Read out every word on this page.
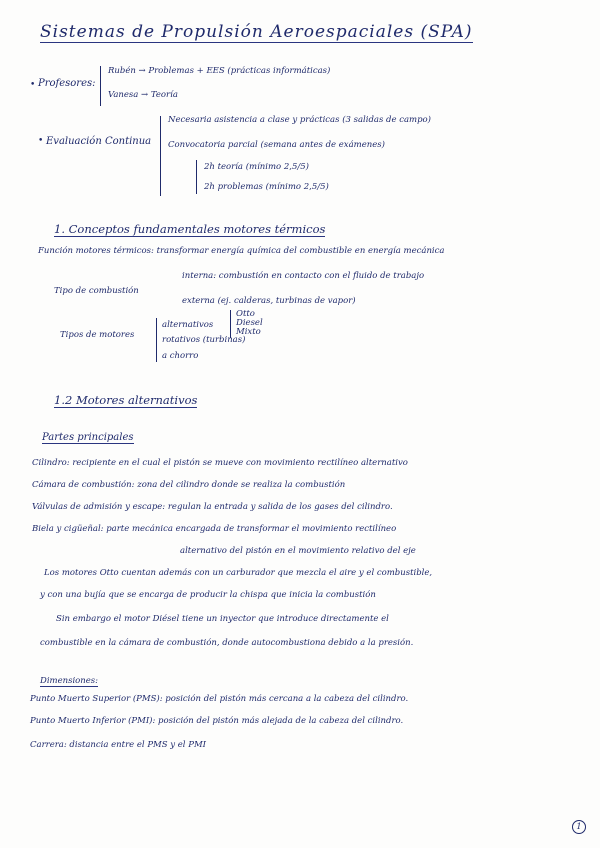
Sistemas de Propulsión Aeroespaciales (SPA)
• Profesores:
Rubén → Problemas + EES (prácticas informáticas)
Vanesa → Teoría
• Evaluación Continua
Necesaria asistencia a clase y prácticas (3 salidas de campo)
Convocatoria parcial (semana antes de exámenes)
2h teoría (mínimo 2,5/5)
2h problemas (mínimo 2,5/5)
1. Conceptos fundamentales motores térmicos
Función motores térmicos: transformar energía química del combustible en energía mecánica
Tipo de combustión
interna: combustión en contacto con el fluido de trabajo
externa (ej. calderas, turbinas de vapor)
Tipos de motores
alternativos
rotativos (turbinas)
a chorro
Otto
Diesel
Mixto
1.2 Motores alternativos
Partes principales
Cilindro: recipiente en el cual el pistón se mueve con movimiento rectilíneo alternativo
Cámara de combustión: zona del cilindro donde se realiza la combustión
Válvulas de admisión y escape: regulan la entrada y salida de los gases del cilindro.
Biela y cigüeñal: parte mecánica encargada de transformar el movimiento rectilíneo
alternativo del pistón en el movimiento relativo del eje
Los motores Otto cuentan además con un carburador que mezcla el aire y el combustible,
y con una bujía que se encarga de producir la chispa que inicia la combustión
Sin embargo el motor Diésel tiene un inyector que introduce directamente el
combustible en la cámara de combustión, donde autocombustiona debido a la presión.
Dimensiones:
Punto Muerto Superior (PMS): posición del pistón más cercana a la cabeza del cilindro.
Punto Muerto Inferior (PMI): posición del pistón más alejada de la cabeza del cilindro.
Carrera: distancia entre el PMS y el PMI
1
